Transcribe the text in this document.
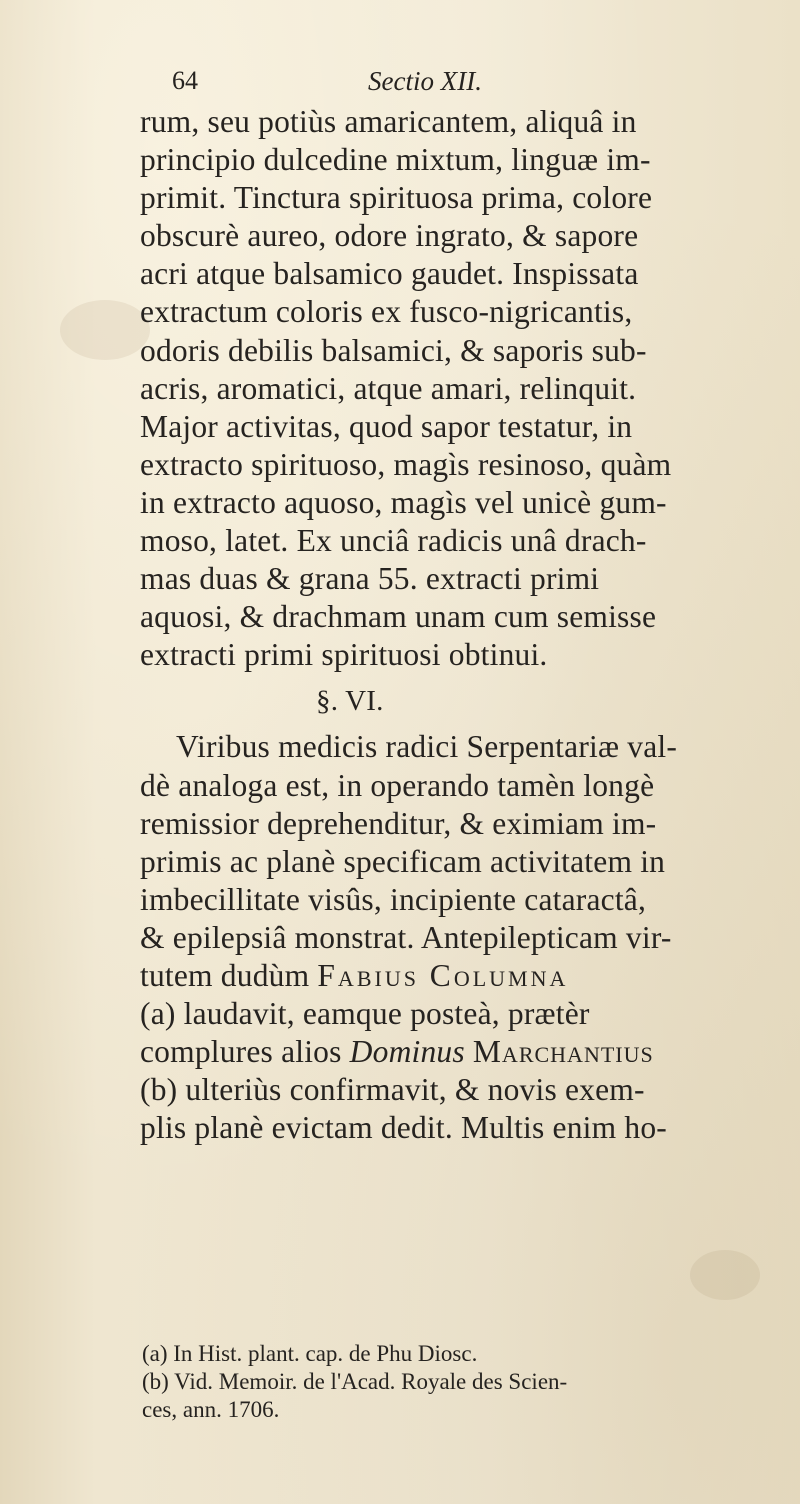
64	Sectio XII.
rum, seu potiùs amaricantem, aliquâ in
principio dulcedine mixtum, linguæ im-
primit. Tinctura spirituosa prima, colore
obscurè aureo, odore ingrato, & sapore
acri atque balsamico gaudet. Inspissata
extractum coloris ex fusco-nigricantis,
odoris debilis balsamici, & saporis sub-
acris, aromatici, atque amari, relinquit.
Major activitas, quod sapor testatur, in
extracto spirituoso, magìs resinoso, quàm
in extracto aquoso, magìs vel unicè gum-
moso, latet. Ex unciâ radicis unâ drach-
mas duas & grana 55. extracti primi
aquosi, & drachmam unam cum semisse
extracti primi spirituosi obtinui.
§. VI.
Viribus medicis radici Serpentariæ val-
dè analoga est, in operando tamèn longè
remissior deprehenditur, & eximiam im-
primis ac planè specificam activitatem in
imbecillitate visûs, incipiente cataractâ,
& epilepsiâ monstrat. Antepilepticam vir-
tutem dudùm Fabius Columna
(a) laudavit, eamque posteà, prætèr
complures alios Dominus Marchantius
(b) ulteriùs confirmavit, & novis exem-
plis planè evictam dedit. Multis enim ho-
(a) In Hist. plant. cap. de Phu Diosc.
(b) Vid. Memoir. de l'Acad. Royale des Scien-
ces, ann. 1706.
